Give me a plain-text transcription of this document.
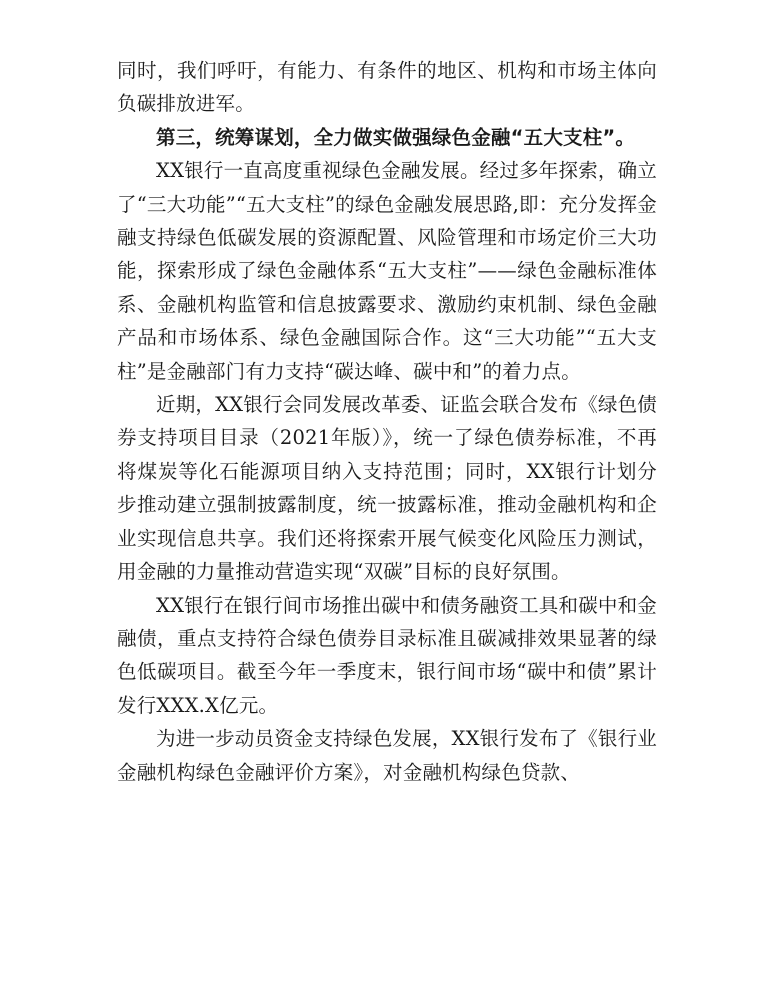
同时，我们呼吁，有能力、有条件的地区、机构和市场主体向负碳排放进军。

第三，统筹谋划，全力做实做强绿色金融“五大支柱”。

XX银行一直高度重视绿色金融发展。经过多年探索，确立了“三大功能”“五大支柱”的绿色金融发展思路,即：充分发挥金融支持绿色低碳发展的资源配置、风险管理和市场定价三大功能，探索形成了绿色金融体系“五大支柱”——绿色金融标准体系、金融机构监管和信息披露要求、激励约束机制、绿色金融产品和市场体系、绿色金融国际合作。这“三大功能”“五大支柱”是金融部门有力支持“碳达峰、碳中和”的着力点。

近期，XX银行会同发展改革委、证监会联合发布《绿色债券支持项目目录（2021年版）》，统一了绿色债券标准，不再将煤炭等化石能源项目纳入支持范围；同时，XX银行计划分步推动建立强制披露制度，统一披露标准，推动金融机构和企业实现信息共享。我们还将探索开展气候变化风险压力测试，用金融的力量推动营造实现“双碳”目标的良好氛围。

XX银行在银行间市场推出碳中和债务融资工具和碳中和金融债，重点支持符合绿色债券目录标准且碳减排效果显著的绿色低碳项目。截至今年一季度末，银行间市场“碳中和债”累计发行XXX.X亿元。

为进一步动员资金支持绿色发展，XX银行发布了《银行业金融机构绿色金融评价方案》，对金融机构绿色贷款、
